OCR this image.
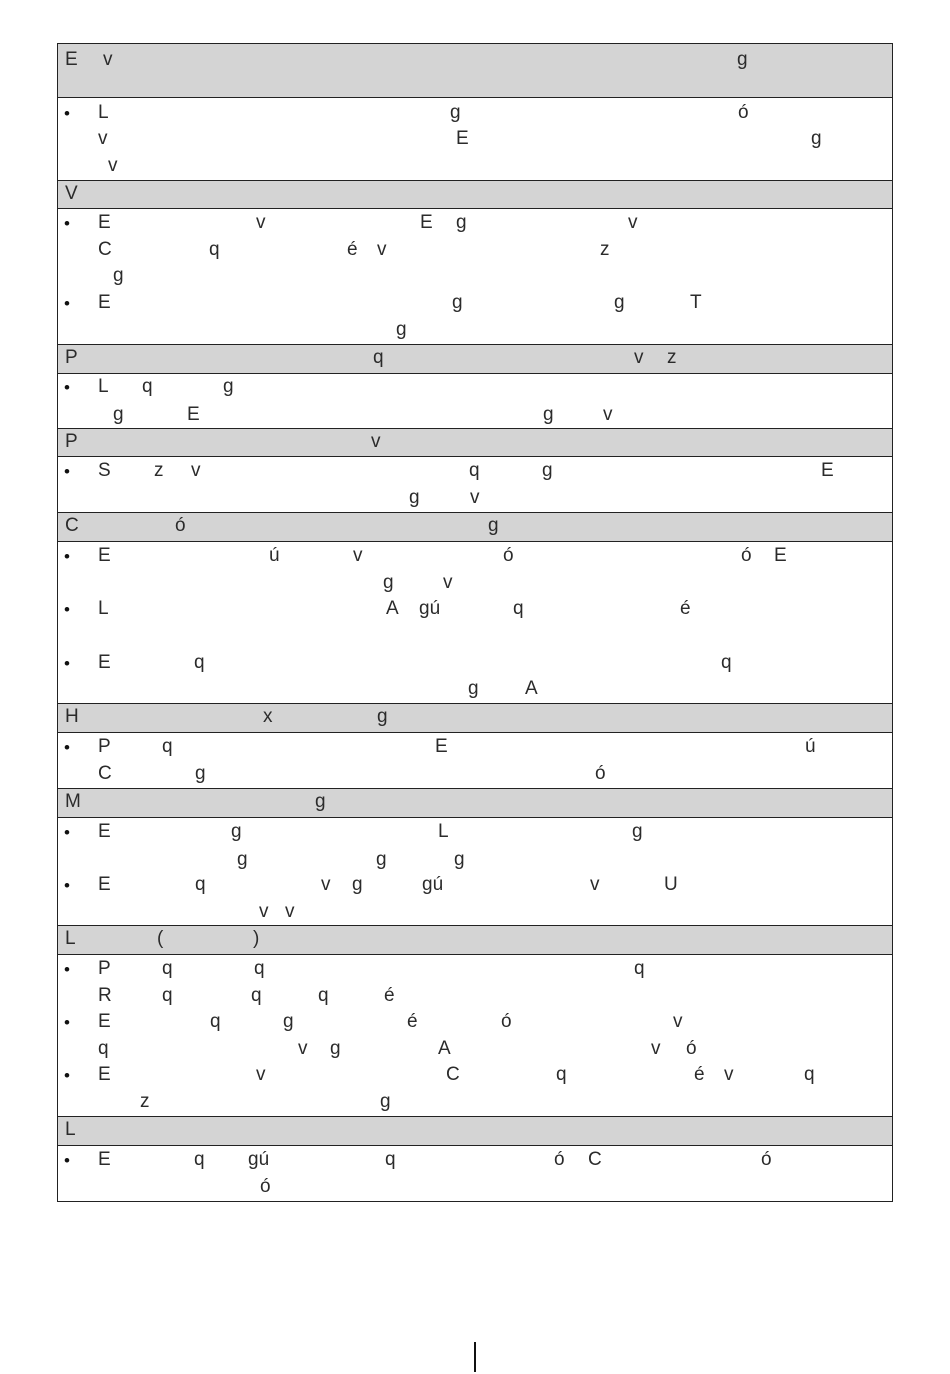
E v	g
• L	g	ó
v	E	g
v
V
• E	v	E g	v
C	q	é v	z
g
• E	g	g	T
g
P	q	v z
• L q	g
g	E	g	v
P	v
• S z v	q	g	E
g	v
C	ó	g
• E	ú	v	ó	ó E
g	v
• L	A gú	q	é
• E	q	q
g A
H	x	g
• P	q	E	ú
C	g	ó
M	g
• E	g	L	g
g	g	g
• E	q	v g	gú	v	U
v v
L	(	)
• P	q	q	q
R	q	q	q	é
• E	q	g	é	ó	v
q	v g	A	v ó
• E	v	C	q	é v	q
z	g
L
• E	q gú	q	ó C	ó
ó
